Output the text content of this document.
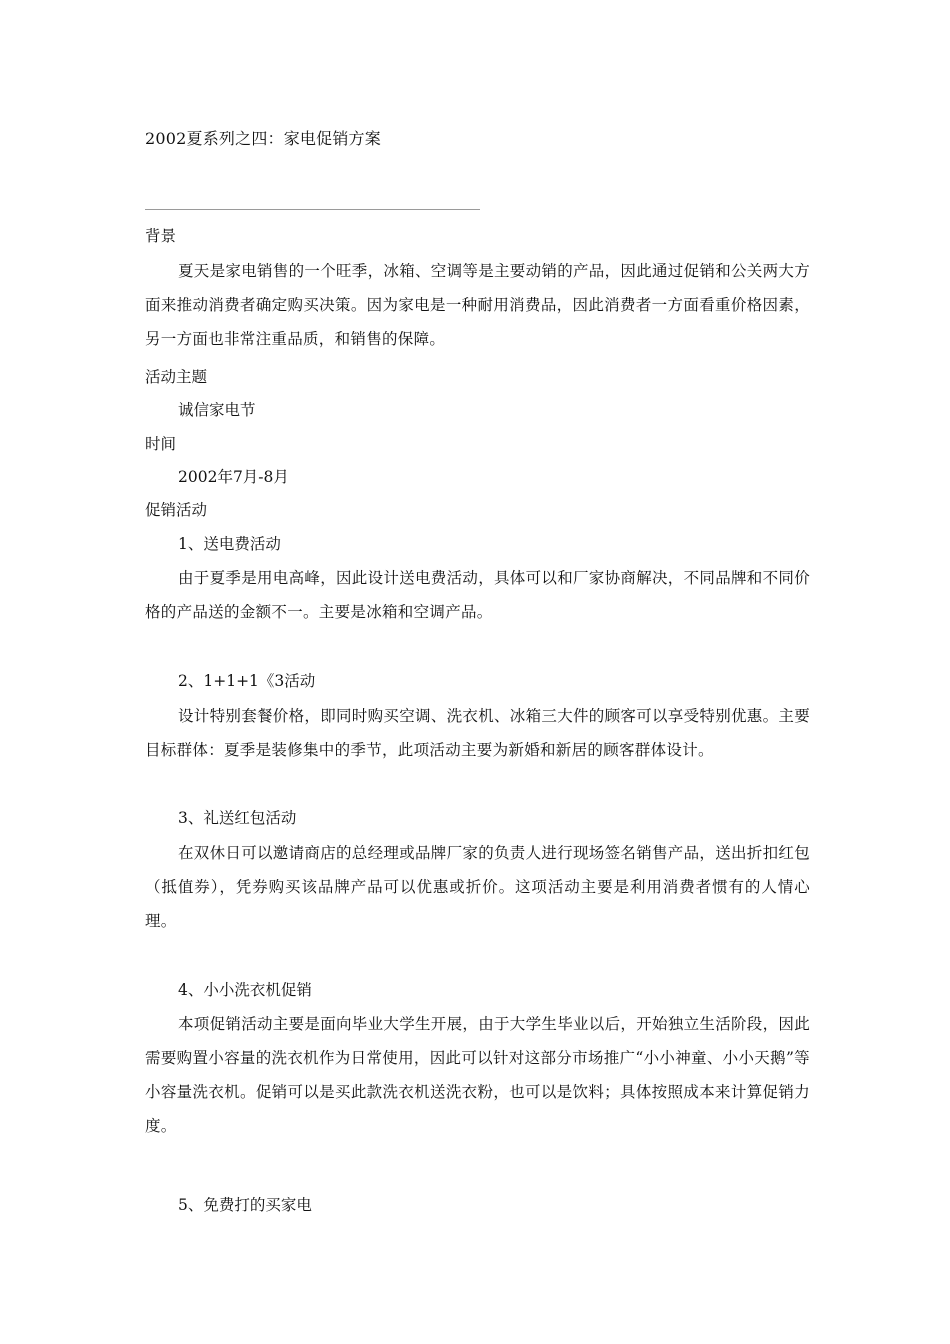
2002夏系列之四：家电促销方案
背景
夏天是家电销售的一个旺季，冰箱、空调等是主要动销的产品，因此通过促销和公关两大方面来推动消费者确定购买决策。因为家电是一种耐用消费品，因此消费者一方面看重价格因素，另一方面也非常注重品质，和销售的保障。
活动主题
诚信家电节
时间
2002年7月-8月
促销活动
1、送电费活动
由于夏季是用电高峰，因此设计送电费活动，具体可以和厂家协商解决，不同品牌和不同价格的产品送的金额不一。主要是冰箱和空调产品。
2、1+1+1《3活动
设计特别套餐价格，即同时购买空调、洗衣机、冰箱三大件的顾客可以享受特别优惠。主要目标群体：夏季是装修集中的季节，此项活动主要为新婚和新居的顾客群体设计。
3、礼送红包活动
在双休日可以邀请商店的总经理或品牌厂家的负责人进行现场签名销售产品，送出折扣红包（抵值券），凭券购买该品牌产品可以优惠或折价。这项活动主要是利用消费者惯有的人情心理。
4、小小洗衣机促销
本项促销活动主要是面向毕业大学生开展，由于大学生毕业以后，开始独立生活阶段，因此需要购置小容量的洗衣机作为日常使用，因此可以针对这部分市场推广“小小神童、小小天鹅”等小容量洗衣机。促销可以是买此款洗衣机送洗衣粉，也可以是饮料；具体按照成本来计算促销力度。
5、免费打的买家电
